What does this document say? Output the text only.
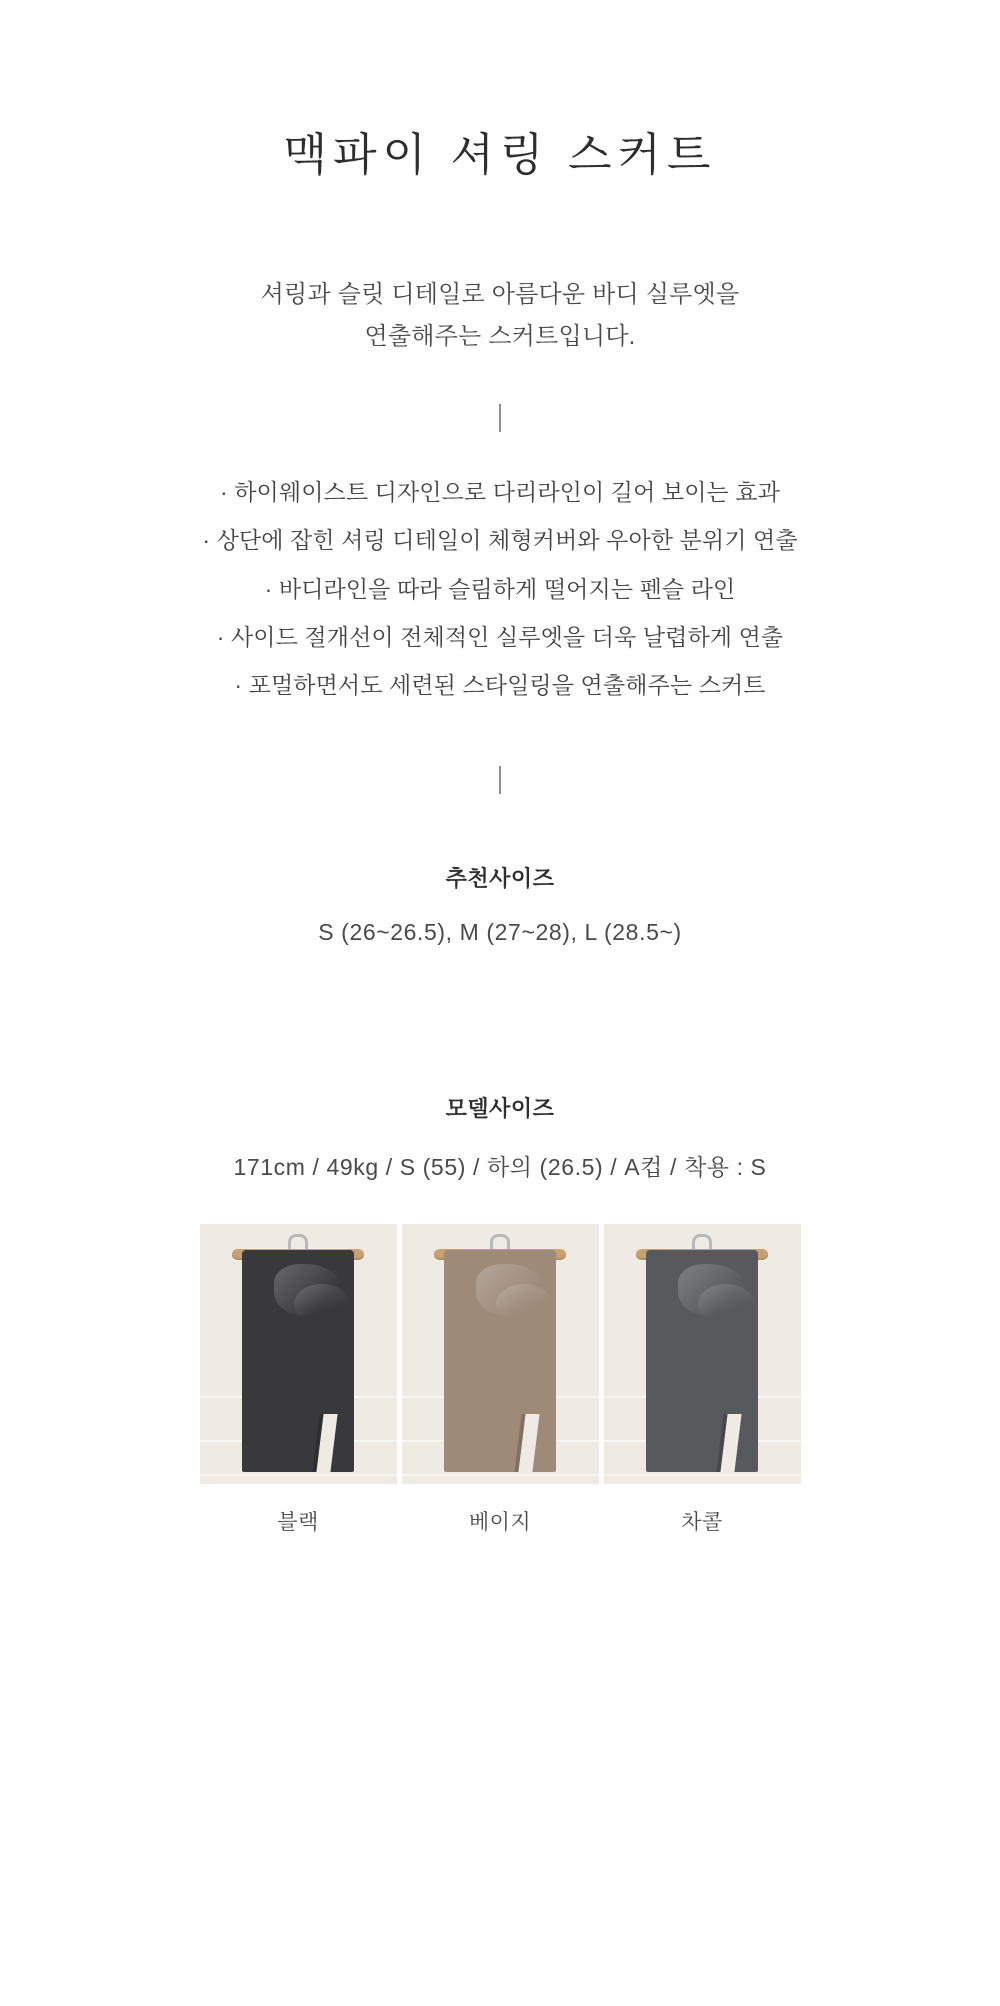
맥파이 셔링 스커트
셔링과 슬릿 디테일로 아름다운 바디 실루엣을
연출해주는 스커트입니다.
· 하이웨이스트 디자인으로 다리라인이 길어 보이는 효과
· 상단에 잡힌 셔링 디테일이 체형커버와 우아한 분위기 연출
· 바디라인을 따라 슬림하게 떨어지는 펜슬 라인
· 사이드 절개선이 전체적인 실루엣을 더욱 날렵하게 연출
· 포멀하면서도 세련된 스타일링을 연출해주는 스커트
추천사이즈
S (26~26.5), M (27~28), L (28.5~)
모델사이즈
171cm / 49kg / S (55) / 하의 (26.5) / A컵 / 착용 : S
블랙	베이지	차콜
